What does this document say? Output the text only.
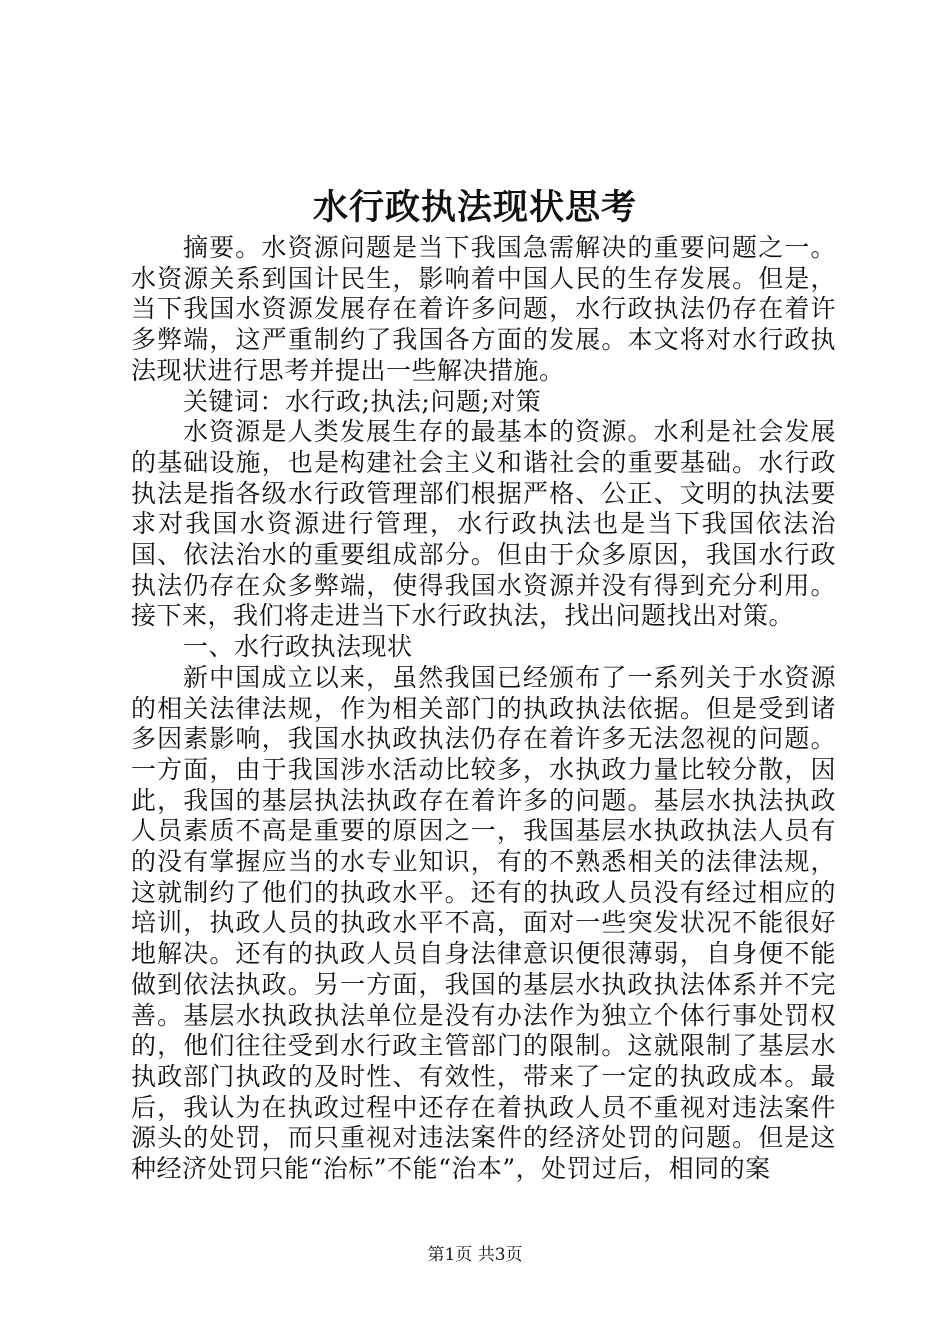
水行政执法现状思考

摘要。水资源问题是当下我国急需解决的重要问题之一。水资源关系到国计民生，影响着中国人民的生存发展。但是，当下我国水资源发展存在着许多问题，水行政执法仍存在着许多弊端，这严重制约了我国各方面的发展。本文将对水行政执法现状进行思考并提出一些解决措施。

关键词：水行政;执法;问题;对策

水资源是人类发展生存的最基本的资源。水利是社会发展的基础设施，也是构建社会主义和谐社会的重要基础。水行政执法是指各级水行政管理部们根据严格、公正、文明的执法要求对我国水资源进行管理，水行政执法也是当下我国依法治国、依法治水的重要组成部分。但由于众多原因，我国水行政执法仍存在众多弊端，使得我国水资源并没有得到充分利用。接下来，我们将走进当下水行政执法，找出问题找出对策。

一、水行政执法现状

新中国成立以来，虽然我国已经颁布了一系列关于水资源的相关法律法规，作为相关部门的执政执法依据。但是受到诸多因素影响，我国水执政执法仍存在着许多无法忽视的问题。一方面，由于我国涉水活动比较多，水执政力量比较分散，因此，我国的基层执法执政存在着许多的问题。基层水执法执政人员素质不高是重要的原因之一，我国基层水执政执法人员有的没有掌握应当的水专业知识，有的不熟悉相关的法律法规，这就制约了他们的执政水平。还有的执政人员没有经过相应的培训，执政人员的执政水平不高，面对一些突发状况不能很好地解决。还有的执政人员自身法律意识便很薄弱，自身便不能做到依法执政。另一方面，我国的基层水执政执法体系并不完善。基层水执政执法单位是没有办法作为独立个体行事处罚权的，他们往往受到水行政主管部门的限制。这就限制了基层水执政部门执政的及时性、有效性，带来了一定的执政成本。最后，我认为在执政过程中还存在着执政人员不重视对违法案件源头的处罚，而只重视对违法案件的经济处罚的问题。但是这种经济处罚只能“治标”不能“治本”，处罚过后，相同的案

第1页 共3页
